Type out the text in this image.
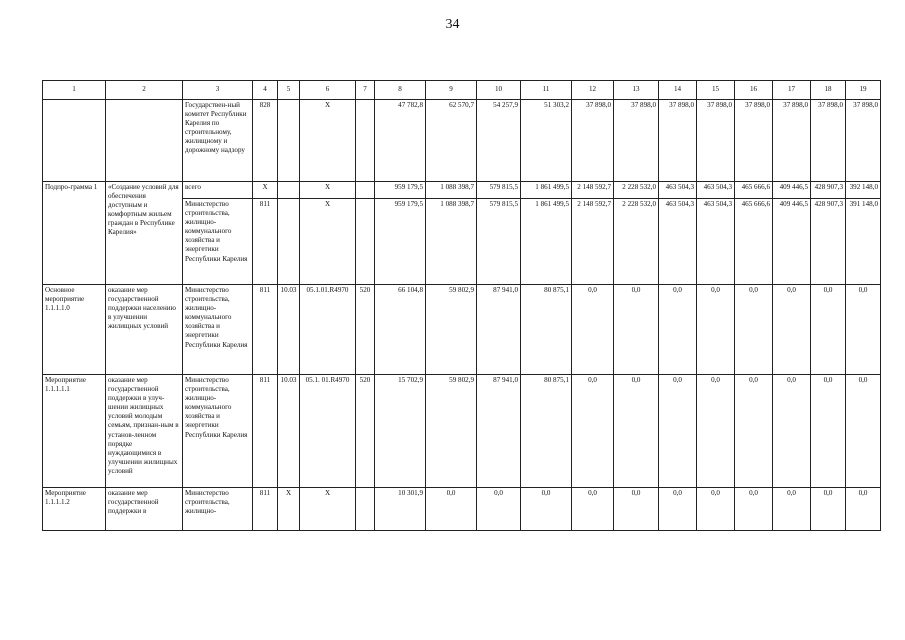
34
1	2	3	4	5	6	7	8	9	10	11	12	13	14	15	16	17	18	19
		Государствен-ный комитет Республики Карелия по строительному, жилищному и дорожному надзору	828		Х		47 782,8	62 570,7	54 257,9	51 303,2	37 898,0	37 898,0	37 898,0	37 898,0	37 898,0	37 898,0	37 898,0	37 898,0
Подпро-грамма 1	«Создание условий для обеспечения доступным и комфортным жильем граждан в Республике Карелия»	всего	Х		Х		959 179,5	1 088 398,7	579 815,5	1 861 499,5	2 148 592,7	2 228 532,0	463 504,3	463 504,3	465 666,6	409 446,5	428 907,3	392 148,0
		Министерство строительства, жилищно-коммунального хозяйства и энергетики Республики Карелия	811		Х		959 179,5	1 088 398,7	579 815,5	1 861 499,5	2 148 592,7	2 228 532,0	463 504,3	463 504,3	465 666,6	409 446,5	428 907,3	391 148,0
Основное мероприятие 1.1.1.1.0	оказание мер государственной поддержки населению в улучшении жилищных условий	Министерство строительства, жилищно-коммунального хозяйства и энергетики Республики Карелия	811	10.03	05.1.01.R4970	520	66 104,8	59 802,9	87 941,0	80 875,1	0,0	0,0	0,0	0,0	0,0	0,0	0,0	0,0
Мероприятие 1.1.1.1.1	оказание мер государственной поддержки в улуч-шении жилищных условий молодым семьям, признан-ным в установ-ленном порядке нуждающимися в улучшении жилищных условий	Министерство строительства, жилищно-коммунального хозяйства и энергетики Республики Карелия	811	10.03	05.1. 01.R4970	520	15 702,9	59 802,9	87 941,0	80 875,1	0,0	0,0	0,0	0,0	0,0	0,0	0,0	0,0
Мероприятие 1.1.1.1.2	оказание мер государственной поддержки в	Министерство строительства, жилищно-	811	Х	Х		10 301,9	0,0	0,0	0,0	0,0	0,0	0,0	0,0	0,0	0,0	0,0	0,0
